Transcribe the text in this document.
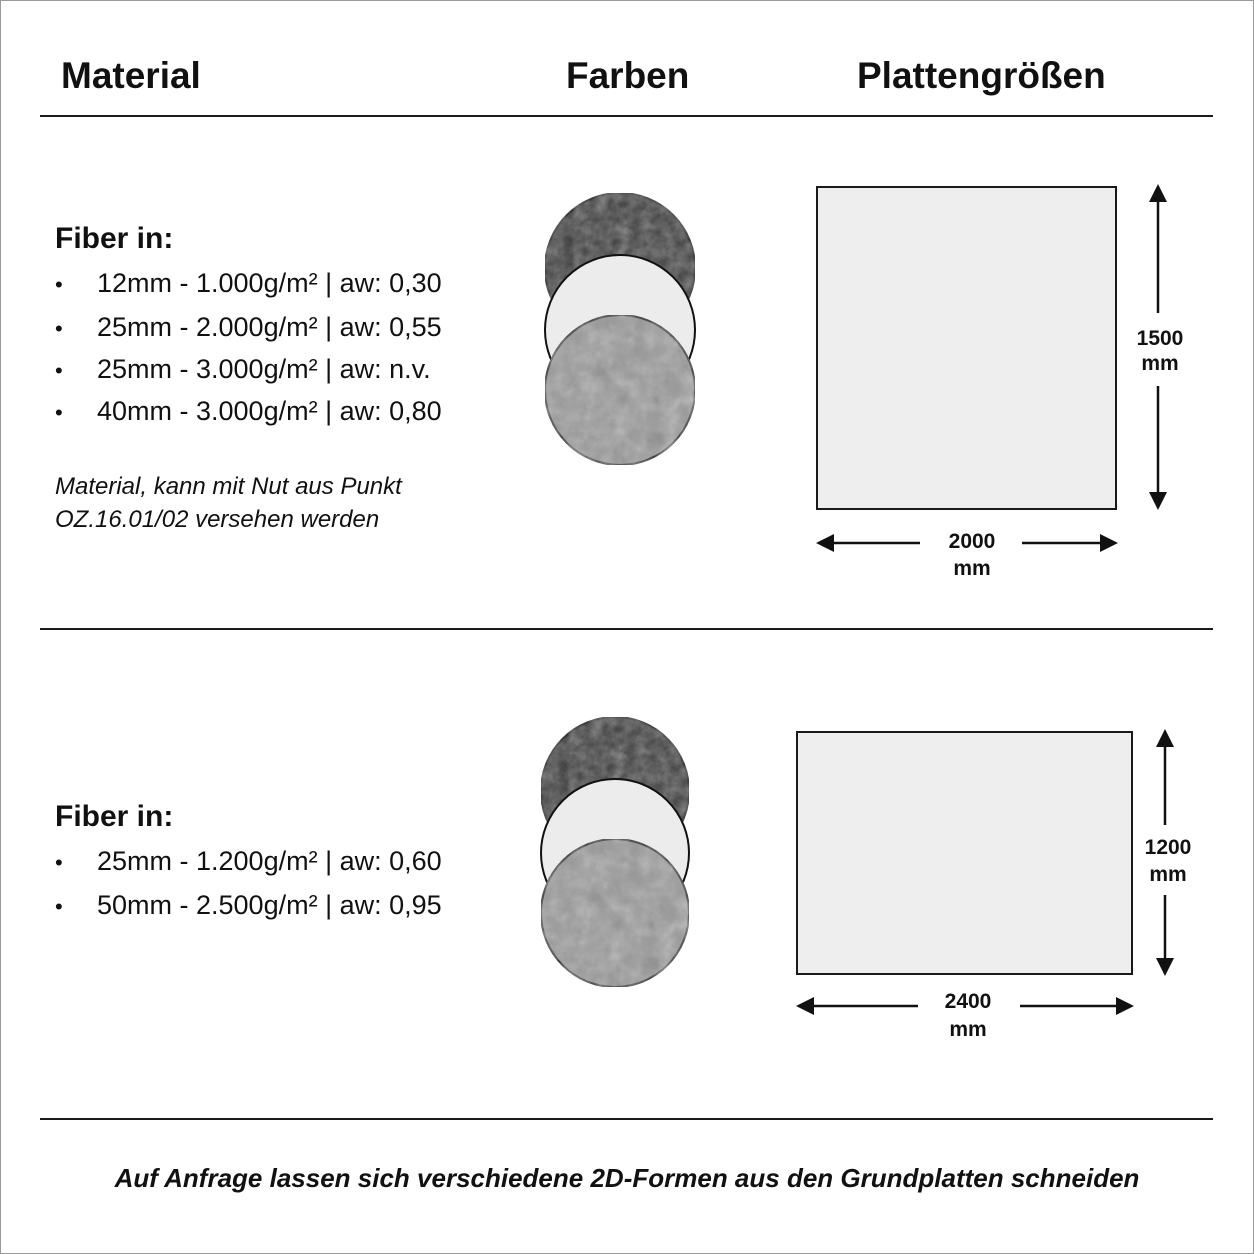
Material	Farben	Plattengrößen
Fiber in:
• 12mm - 1.000g/m² | aw: 0,30
• 25mm - 2.000g/m² | aw: 0,55
• 25mm - 3.000g/m² | aw: n.v.
• 40mm - 3.000g/m² | aw: 0,80
Material, kann mit Nut aus Punkt
OZ.16.01/02 versehen werden
1500
mm
2000
mm
Fiber in:
• 25mm - 1.200g/m² | aw: 0,60
• 50mm - 2.500g/m² | aw: 0,95
1200
mm
2400
mm
Auf Anfrage lassen sich verschiedene 2D-Formen aus den Grundplatten schneiden
